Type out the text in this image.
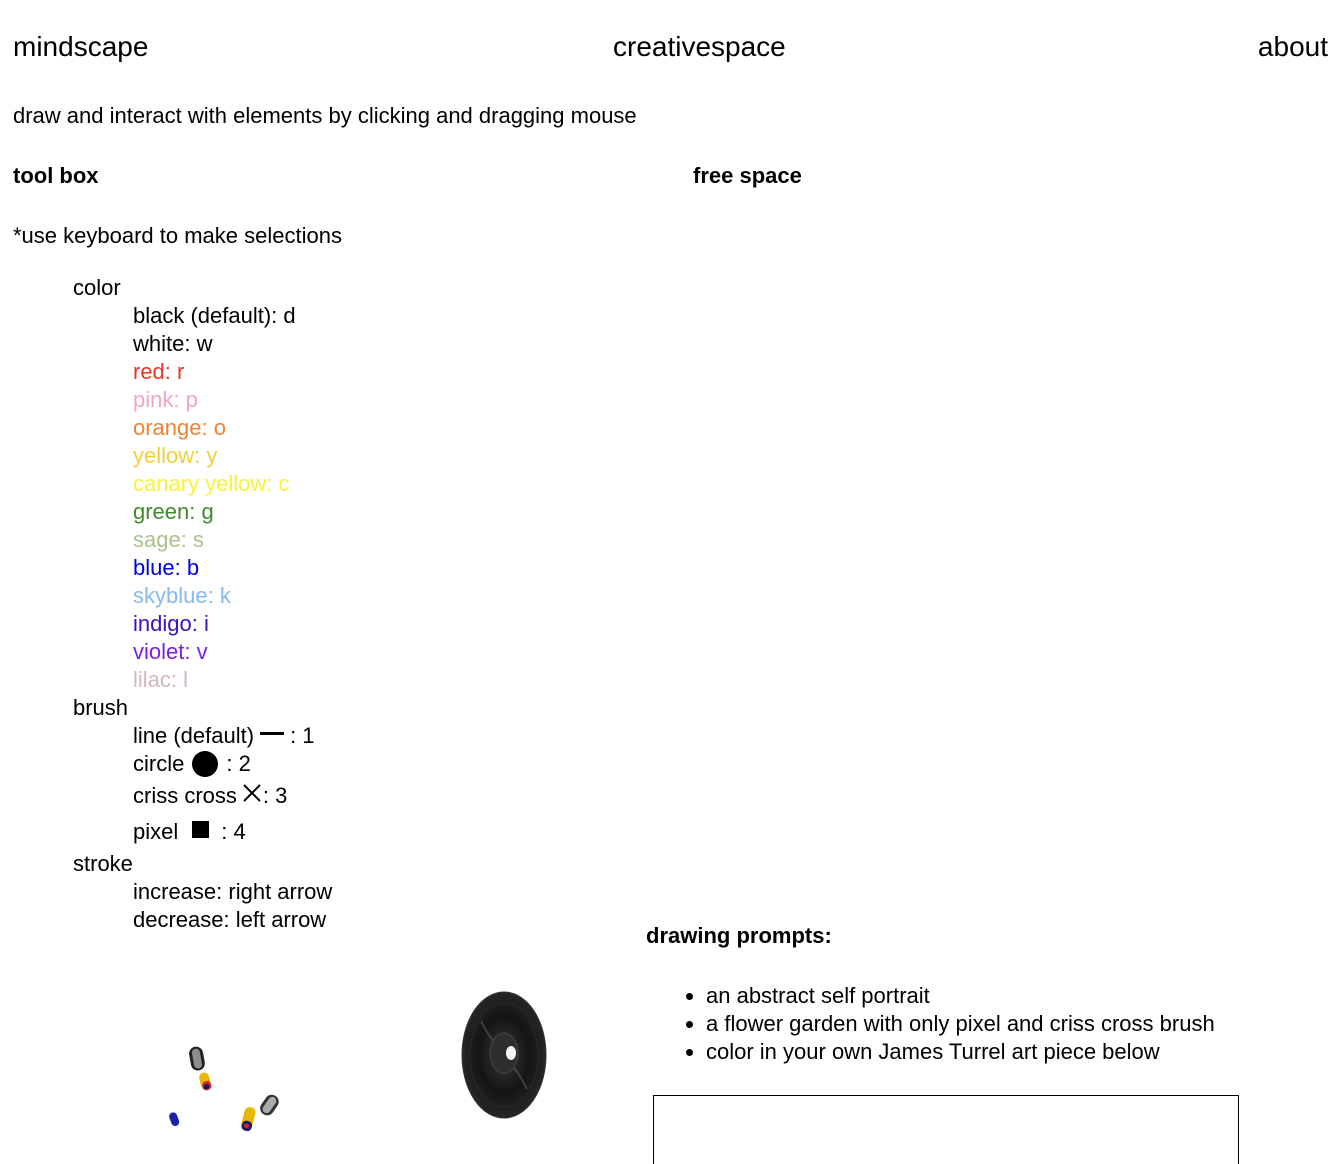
mindscape	creativespace	about
draw and interact with elements by clicking and dragging mouse
tool box	free space
*use keyboard to make selections
color
black (default): d
white: w
red: r
pink: p
orange: o
yellow: y
canary yellow: c
green: g
sage: s
blue: b
skyblue: k
indigo: i
violet: v
lilac: l
brush
line (default) : 1
circle : 2
criss cross : 3
pixel : 4
stroke
increase: right arrow
decrease: left arrow
drawing prompts:
• an abstract self portrait
• a flower garden with only pixel and criss cross brush
• color in your own James Turrel art piece below
